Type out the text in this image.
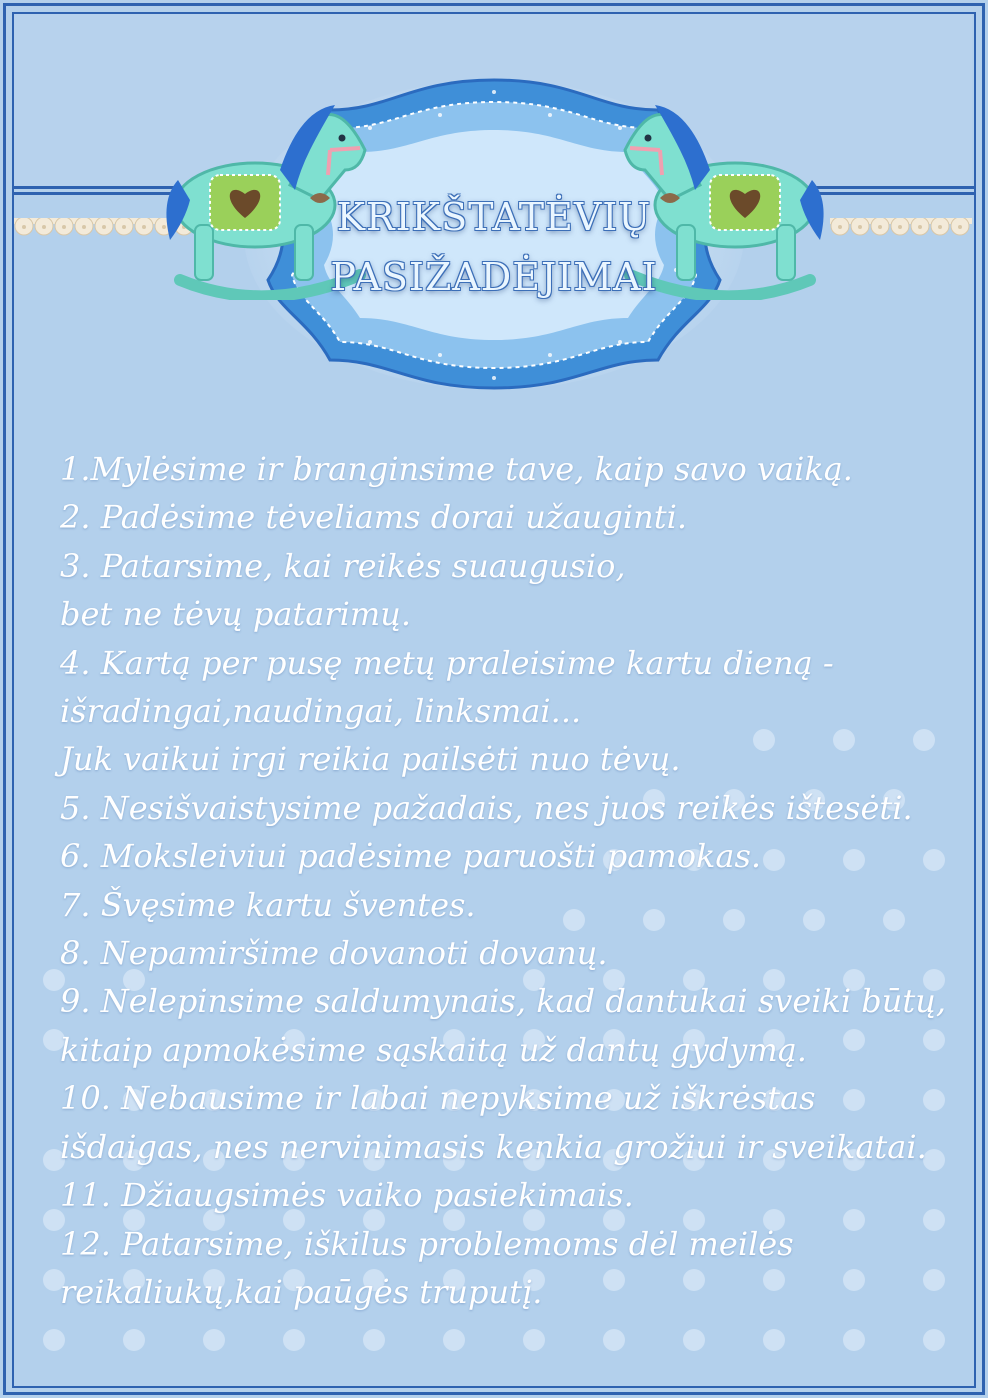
KRIKŠTATĖVIŲ
PASIŽADĖJIMAI
1.Mylėsime ir branginsime tave, kaip savo vaiką.
2. Padėsime tėveliams dorai užauginti.
3. Patarsime, kai reikės suaugusio,
bet ne tėvų patarimų.
4. Kartą per pusę metų praleisime kartu dieną -
išradingai,naudingai, linksmai...
Juk vaikui irgi reikia pailsėti nuo tėvų.
5. Nesišvaistysime pažadais, nes juos reikės ištesėti.
6. Moksleiviui padėsime paruošti pamokas.
7. Švęsime kartu šventes.
8. Nepamiršime dovanoti dovanų.
9. Nelepinsime saldumynais, kad dantukai sveiki būtų,
kitaip apmokėsime sąskaitą už dantų gydymą.
10. Nebausime ir labai nepyksime už iškrėstas
išdaigas, nes nervinimasis kenkia grožiui ir sveikatai.
11. Džiaugsimės vaiko pasiekimais.
12. Patarsime, iškilus problemoms dėl meilės
reikaliukų,kai paūgės truputį.
